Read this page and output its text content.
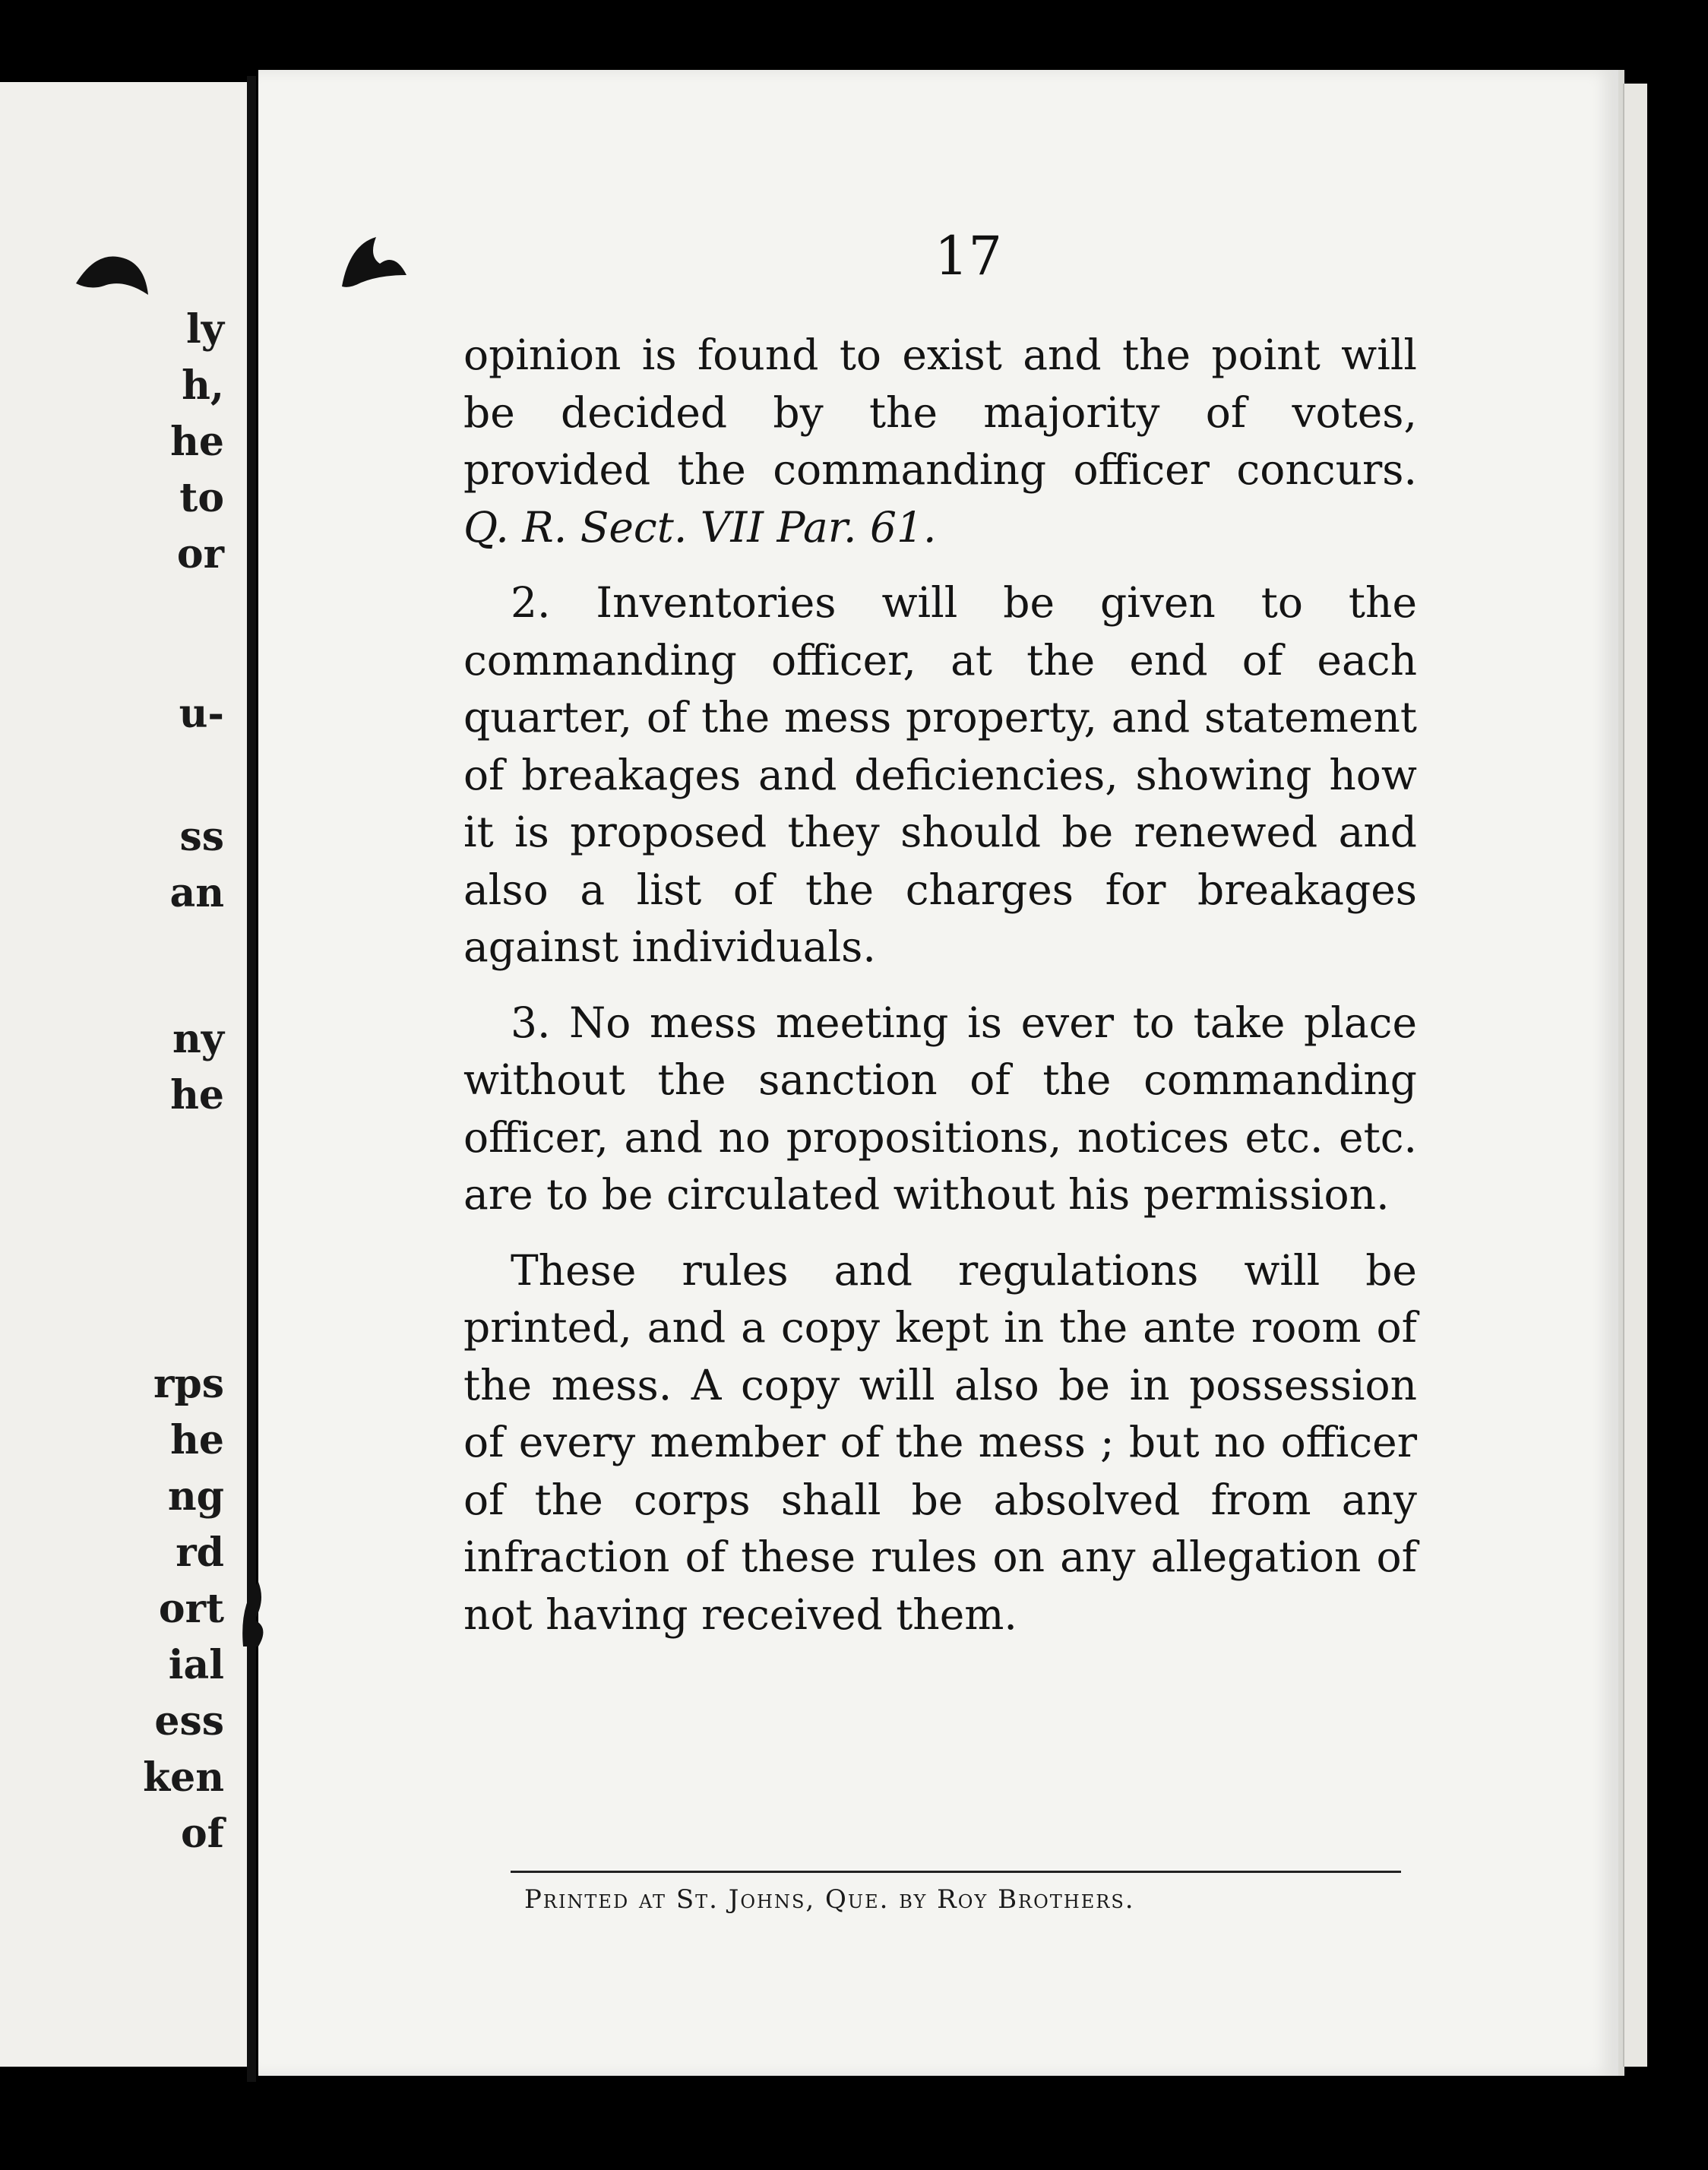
ly
h,
he
to
or
u-
ss
an
ny
he
rps
he
ng
rd
ort
ial
ess
ken
of
17

opinion is found to exist and the point will be decided by the majority of votes, provided the commanding officer concurs. Q. R. Sect. VII Par. 61.

2. Inventories will be given to the commanding officer, at the end of each quarter, of the mess property, and statement of breakages and deficiencies, showing how it is proposed they should be renewed and also a list of the charges for breakages against individuals.

3. No mess meeting is ever to take place without the sanction of the commanding officer, and no propositions, notices etc. etc. are to be circulated without his permission.

These rules and regulations will be printed, and a copy kept in the ante room of the mess. A copy will also be in possession of every member of the mess ; but no officer of the corps shall be absolved from any infraction of these rules on any allegation of not having received them.

Printed at St. Johns, Que. by Roy Brothers.
